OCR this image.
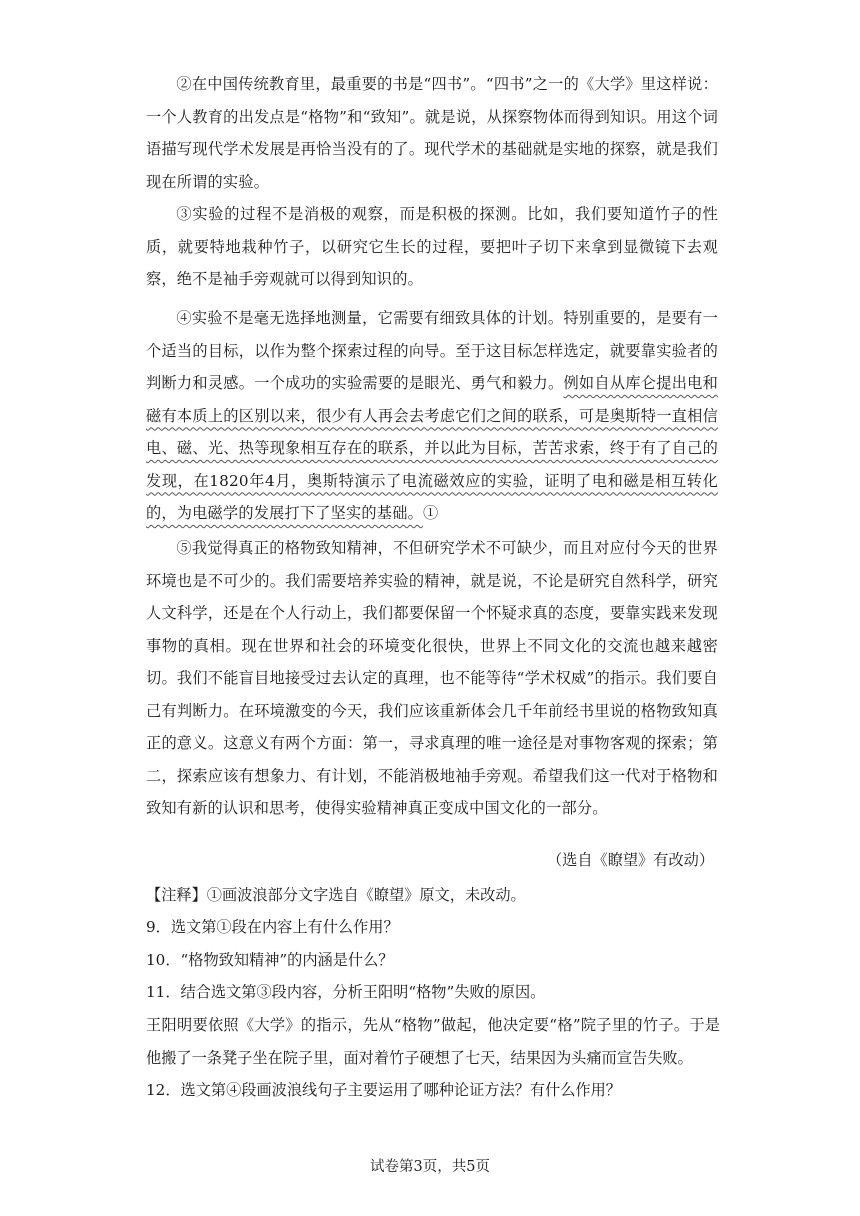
②在中国传统教育里，最重要的书是“四书”。“四书”之一的《大学》里这样说：一个人教育的出发点是“格物”和“致知”。就是说，从探察物体而得到知识。用这个词语描写现代学术发展是再恰当没有的了。现代学术的基础就是实地的探察，就是我们现在所谓的实验。

③实验的过程不是消极的观察，而是积极的探测。比如，我们要知道竹子的性质，就要特地栽种竹子，以研究它生长的过程，要把叶子切下来拿到显微镜下去观察，绝不是袖手旁观就可以得到知识的。

④实验不是毫无选择地测量，它需要有细致具体的计划。特别重要的，是要有一个适当的目标，以作为整个探索过程的向导。至于这目标怎样选定，就要靠实验者的判断力和灵感。一个成功的实验需要的是眼光、勇气和毅力。例如自从库仑提出电和磁有本质上的区别以来，很少有人再会去考虑它们之间的联系，可是奥斯特一直相信电、磁、光、热等现象相互存在的联系，并以此为目标，苦苦求索，终于有了自己的发现，在1820年4月，奥斯特演示了电流磁效应的实验，证明了电和磁是相互转化的，为电磁学的发展打下了坚实的基础。①

⑤我觉得真正的格物致知精神，不但研究学术不可缺少，而且对应付今天的世界环境也是不可少的。我们需要培养实验的精神，就是说，不论是研究自然科学，研究人文科学，还是在个人行动上，我们都要保留一个怀疑求真的态度，要靠实践来发现事物的真相。现在世界和社会的环境变化很快，世界上不同文化的交流也越来越密切。我们不能盲目地接受过去认定的真理，也不能等待“学术权威”的指示。我们要自己有判断力。在环境激变的今天，我们应该重新体会几千年前经书里说的格物致知真正的意义。这意义有两个方面：第一，寻求真理的唯一途径是对事物客观的探索；第二，探索应该有想象力、有计划，不能消极地袖手旁观。希望我们这一代对于格物和致知有新的认识和思考，使得实验精神真正变成中国文化的一部分。

（选自《瞭望》有改动）

【注释】①画波浪部分文字选自《瞭望》原文，未改动。

9．选文第①段在内容上有什么作用？

10．“格物致知精神”的内涵是什么？

11．结合选文第③段内容，分析王阳明“格物”失败的原因。

王阳明要依照《大学》的指示，先从“格物”做起，他决定要“格”院子里的竹子。于是他搬了一条凳子坐在院子里，面对着竹子硬想了七天，结果因为头痛而宣告失败。

12．选文第④段画波浪线句子主要运用了哪种论证方法？有什么作用？

试卷第3页，共5页
